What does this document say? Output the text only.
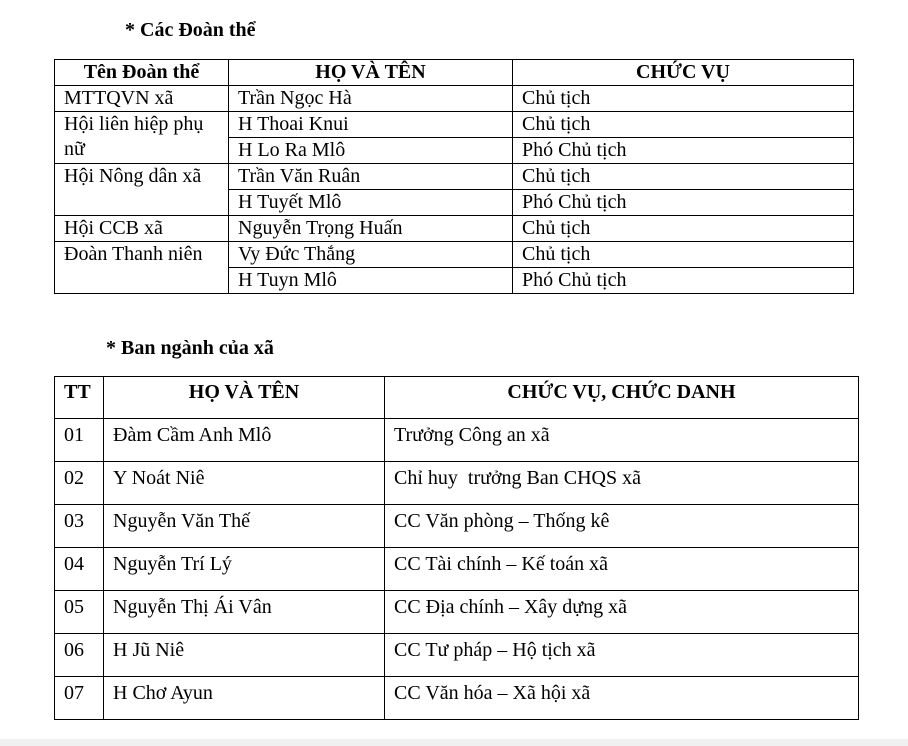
* Các Đoàn thể
Tên Đoàn thể	HỌ VÀ TÊN	CHỨC VỤ
MTTQVN xã	Trần Ngọc Hà	Chủ tịch
Hội liên hiệp phụ nữ	H Thoai Knui	Chủ tịch
	H Lo Ra Mlô	Phó Chủ tịch
Hội Nông dân xã	Trần Văn Ruân	Chủ tịch
	H Tuyết Mlô	Phó Chủ tịch
Hội CCB xã	Nguyễn Trọng Huấn	Chủ tịch
Đoàn Thanh niên	Vy Đức Thắng	Chủ tịch
	H Tuyn Mlô	Phó Chủ tịch
* Ban ngành của xã
TT	HỌ VÀ TÊN	CHỨC VỤ, CHỨC DANH
01	Đàm Cầm Anh Mlô	Trưởng Công an xã
02	Y Noát Niê	Chỉ huy  trưởng Ban CHQS xã
03	Nguyễn Văn Thế	CC Văn phòng – Thống kê
04	Nguyễn Trí Lý	CC Tài chính – Kế toán xã
05	Nguyễn Thị Ái Vân	CC Địa chính – Xây dựng xã
06	H Jũ Niê	CC Tư pháp – Hộ tịch xã
07	H Chơ Ayun	CC Văn hóa – Xã hội xã
